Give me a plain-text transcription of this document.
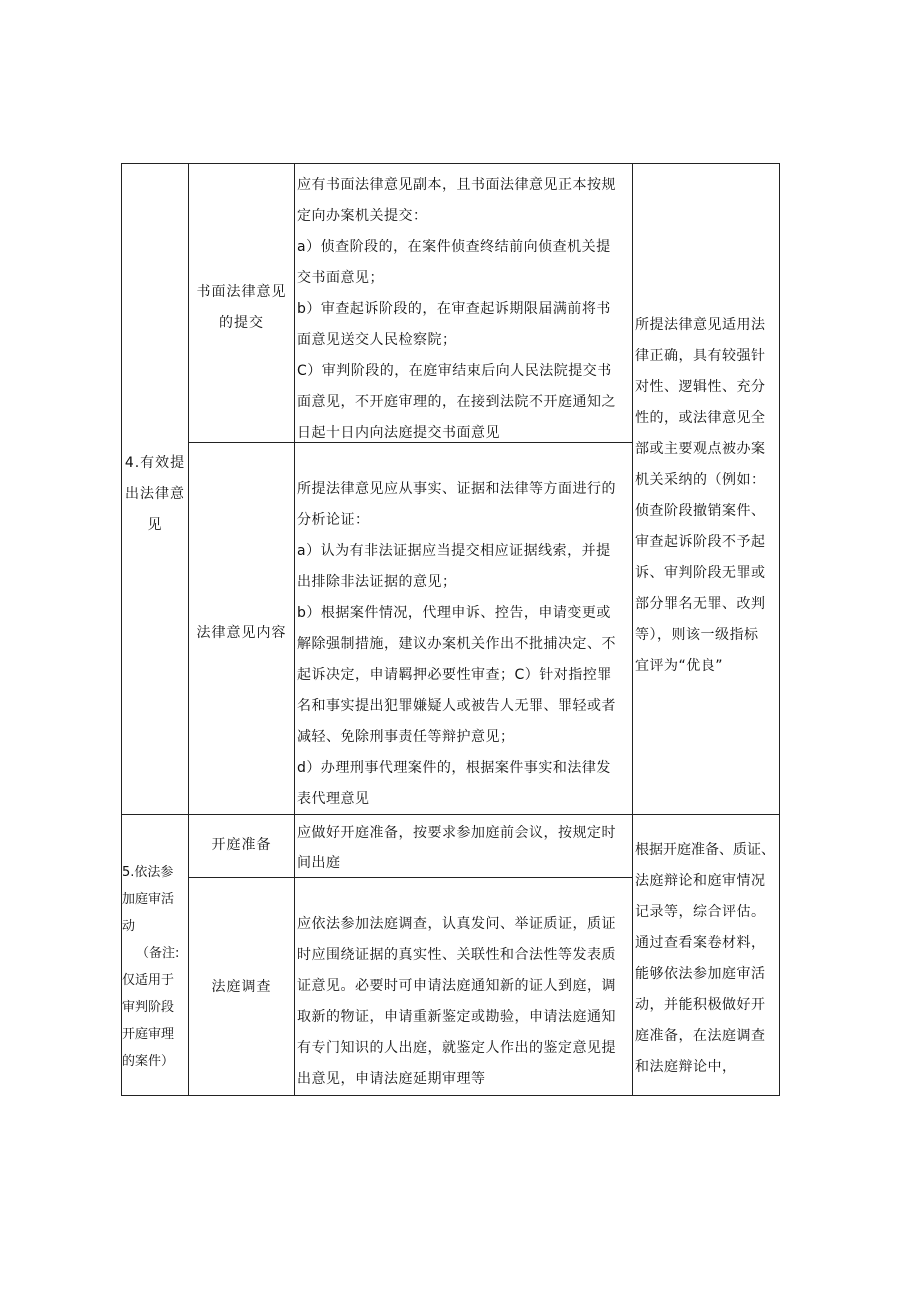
4.有效提
出法律意
见
书面法律意见
的提交
应有书面法律意见副本，且书面法律意见正本按规
定向办案机关提交：
a）侦查阶段的，在案件侦查终结前向侦查机关提
交书面意见；
b）审查起诉阶段的，在审查起诉期限届满前将书
面意见送交人民检察院；
C）审判阶段的，在庭审结束后向人民法院提交书
面意见，不开庭审理的，在接到法院不开庭通知之
日起十日内向法庭提交书面意见
法律意见内容
所提法律意见应从事实、证据和法律等方面进行的
分析论证：
a）认为有非法证据应当提交相应证据线索，并提
出排除非法证据的意见；
b）根据案件情况，代理申诉、控告，申请变更或
解除强制措施，建议办案机关作出不批捕决定、不
起诉决定，申请羁押必要性审查；C）针对指控罪
名和事实提出犯罪嫌疑人或被告人无罪、罪轻或者
减轻、免除刑事责任等辩护意见；
d）办理刑事代理案件的，根据案件事实和法律发
表代理意见
所提法律意见适用法
律正确，具有较强针
对性、逻辑性、充分
性的，或法律意见全
部或主要观点被办案
机关采纳的（例如：
侦查阶段撤销案件、
审查起诉阶段不予起
诉、审判阶段无罪或
部分罪名无罪、改判
等），则该一级指标
宜评为“优良”
5.依法参
加庭审活
动
（备注:
仅适用于
审判阶段
开庭审理
的案件）
开庭准备
应做好开庭准备，按要求参加庭前会议，按规定时
间出庭
法庭调查
应依法参加法庭调查，认真发问、举证质证，质证
时应围绕证据的真实性、关联性和合法性等发表质
证意见。必要时可申请法庭通知新的证人到庭，调
取新的物证，申请重新鉴定或勘验，申请法庭通知
有专门知识的人出庭，就鉴定人作出的鉴定意见提
出意见，申请法庭延期审理等
根据开庭准备、质证、
法庭辩论和庭审情况
记录等，综合评估。
通过查看案卷材料，
能够依法参加庭审活
动，并能积极做好开
庭准备，在法庭调查
和法庭辩论中，
